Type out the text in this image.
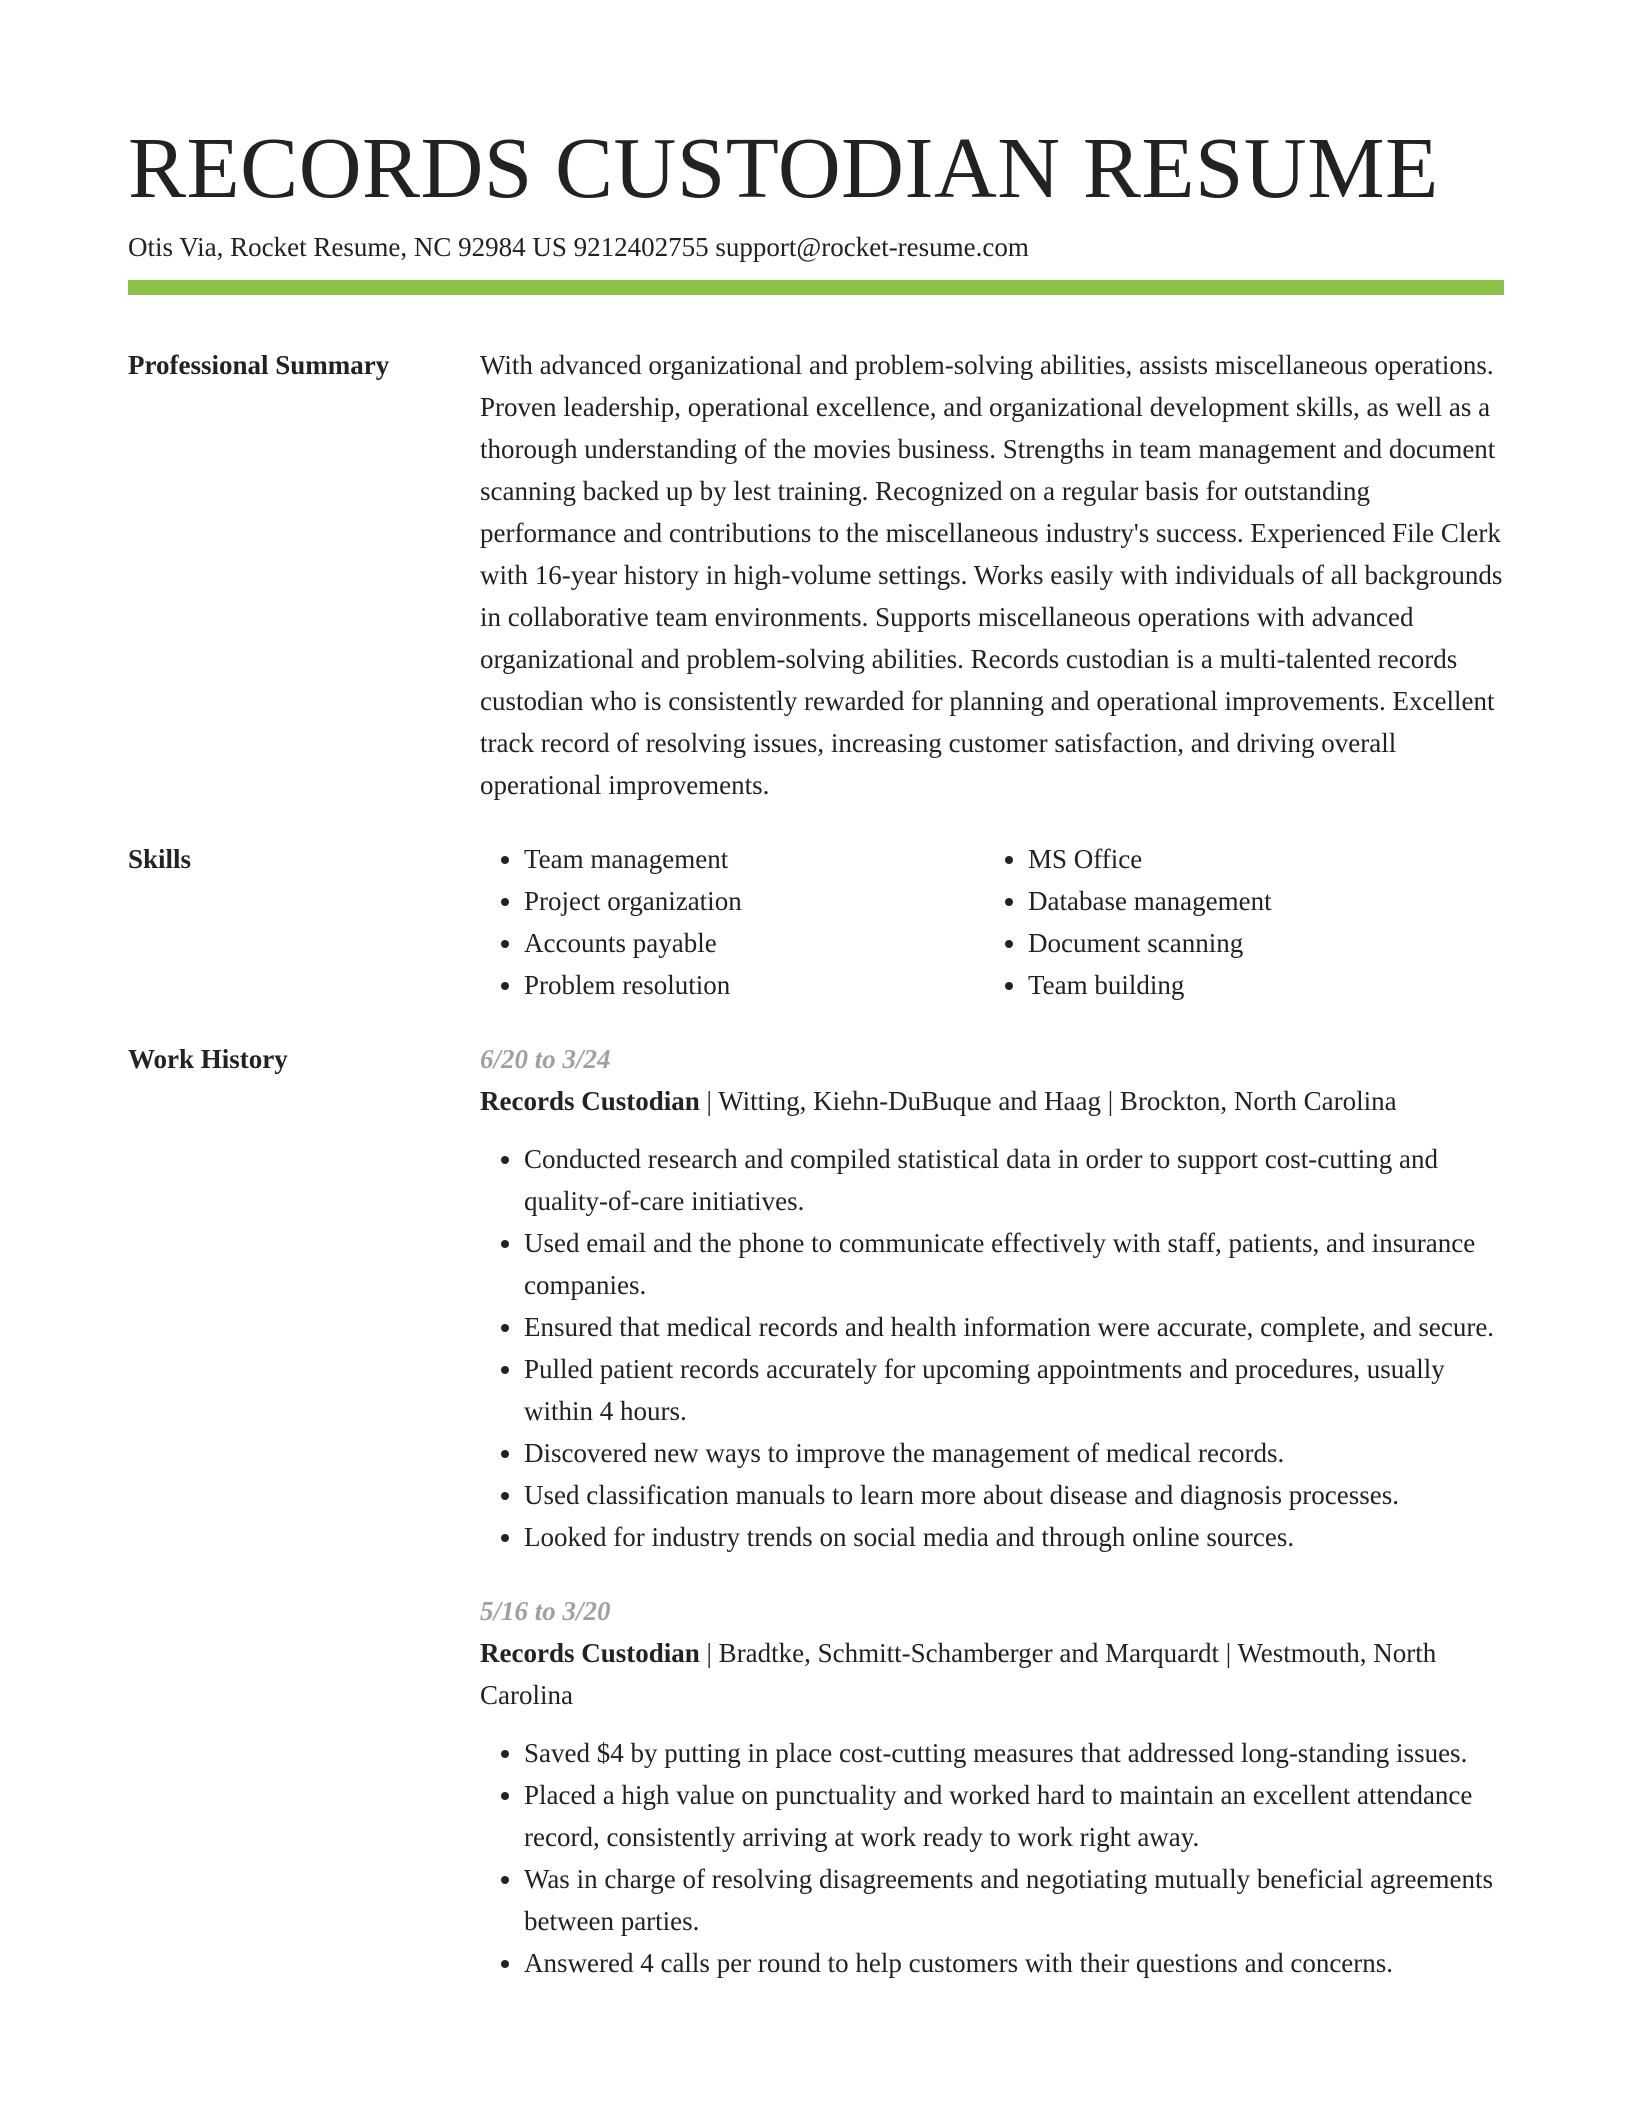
RECORDS CUSTODIAN RESUME
Otis Via, Rocket Resume, NC 92984 US 9212402755 support@rocket-resume.com
Professional Summary	With advanced organizational and problem-solving abilities, assists miscellaneous operations. Proven leadership, operational excellence, and organizational development skills, as well as a thorough understanding of the movies business. Strengths in team management and document scanning backed up by lest training. Recognized on a regular basis for outstanding performance and contributions to the miscellaneous industry's success. Experienced File Clerk with 16-year history in high-volume settings. Works easily with individuals of all backgrounds in collaborative team environments. Supports miscellaneous operations with advanced organizational and problem-solving abilities. Records custodian is a multi-talented records custodian who is consistently rewarded for planning and operational improvements. Excellent track record of resolving issues, increasing customer satisfaction, and driving overall operational improvements.

Skills
•	Team management
• Project organization
• Accounts payable
• Problem resolution
• MS Office
• Database management
• Document scanning
• Team building
Work History	6/20 to 3/24
Records Custodian | Witting, Kiehn-DuBuque and Haag | Brockton, North Carolina
• Conducted research and compiled statistical data in order to support cost-cutting and quality-of-care initiatives.
• Used email and the phone to communicate effectively with staff, patients, and insurance companies.
• Ensured that medical records and health information were accurate, complete, and secure.
• Pulled patient records accurately for upcoming appointments and procedures, usually within 4 hours.
• Discovered new ways to improve the management of medical records.
• Used classification manuals to learn more about disease and diagnosis processes.
• Looked for industry trends on social media and through online sources.
5/16 to 3/20
Records Custodian | Bradtke, Schmitt-Schamberger and Marquardt | Westmouth, North Carolina
• Saved $4 by putting in place cost-cutting measures that addressed long-standing issues.
• Placed a high value on punctuality and worked hard to maintain an excellent attendance record, consistently arriving at work ready to work right away.
• Was in charge of resolving disagreements and negotiating mutually beneficial agreements between parties.
• Answered 4 calls per round to help customers with their questions and concerns.
